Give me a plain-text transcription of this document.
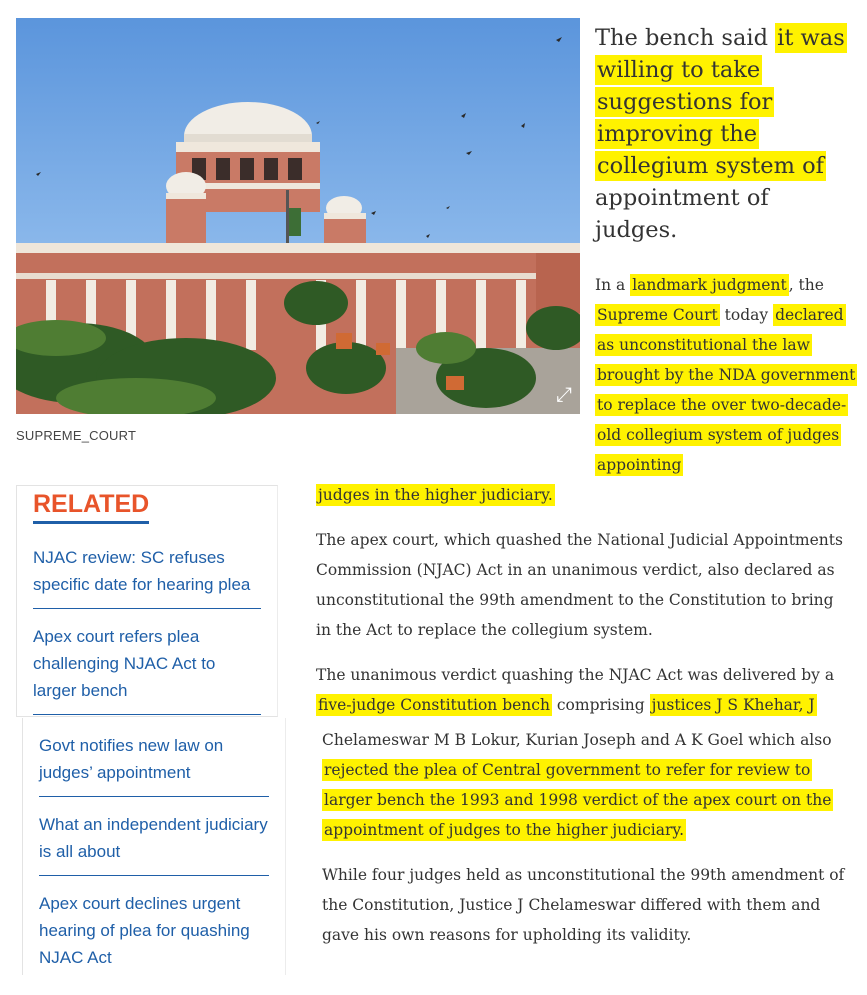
⤢
SUPREME_COURT
The bench said it was willing to take suggestions for improving the collegium system of appointment of judges.
In a landmark judgment , the Supreme Court today declared as unconstitutional the law brought by the NDA government to replace the over two-decade-old collegium system of judges appointing
judges in the higher judiciary.
RELATED
NJAC review: SC refuses specific date for hearing plea
Apex court refers plea challenging NJAC Act to larger bench
Govt notifies new law on judges’ appointment
What an independent judiciary is all about
Apex court declines urgent hearing of plea for quashing NJAC Act
The apex court, which quashed the National Judicial Appointments Commission (NJAC) Act in an unanimous verdict, also declared as unconstitutional the 99th amendment to the Constitution to bring in the Act to replace the collegium system.
The unanimous verdict quashing the NJAC Act was delivered by a five-judge Constitution bench comprising justices J S Khehar, J
Chelameswar M B Lokur, Kurian Joseph and A K Goel which also rejected the plea of Central government to refer for review to larger bench the 1993 and 1998 verdict of the apex court on the appointment of judges to the higher judiciary.
While four judges held as unconstitutional the 99th amendment of the Constitution, Justice J Chelameswar differed with them and gave his own reasons for upholding its validity.
